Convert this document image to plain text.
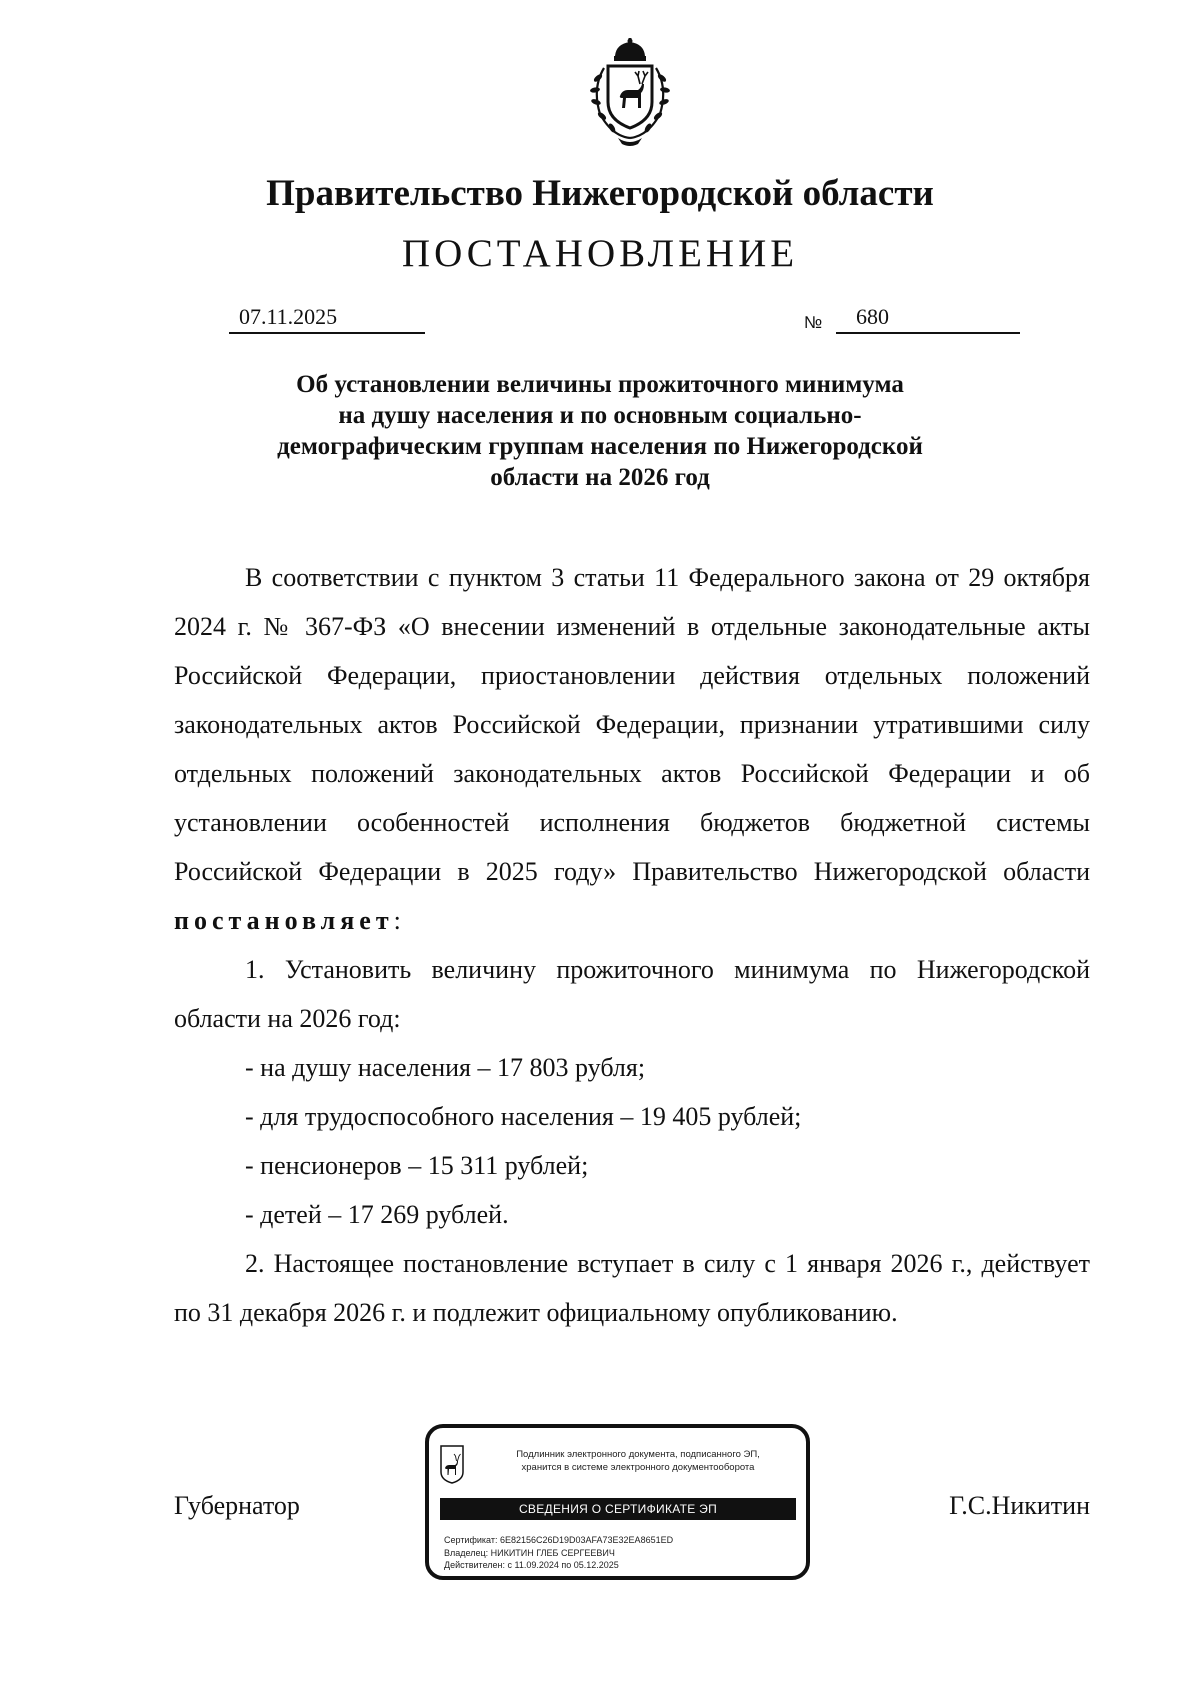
Правительство Нижегородской области
ПОСТАНОВЛЕНИЕ
07.11.2025	№	680
Об установлении величины прожиточного минимума
на душу населения и по основным социально-
демографическим группам населения по Нижегородской
области на 2026 год

В соответствии с пунктом 3 статьи 11 Федерального закона от 29 октября 2024 г. № 367-ФЗ «О внесении изменений в отдельные законодательные акты Российской Федерации, приостановлении действия отдельных положений законодательных актов Российской Федерации, признании утратившими силу отдельных положений законодательных актов Российской Федерации и об установлении особенностей исполнения бюджетов бюджетной системы Российской Федерации в 2025 году» Правительство Нижегородской области постановляет:

1. Установить величину прожиточного минимума по Нижегородской области на 2026 год:

- на душу населения – 17 803 рубля;

- для трудоспособного населения – 19 405 рублей;

- пенсионеров – 15 311 рублей;

- детей – 17 269 рублей.

2. Настоящее постановление вступает в силу с 1 января 2026 г., действует по 31 декабря 2026 г. и подлежит официальному опубликованию.

Губернатор	Г.С.Никитин
Подлинник электронного документа, подписанного ЭП,
хранится в системе электронного документооборота
СВЕДЕНИЯ О СЕРТИФИКАТЕ ЭП
Сертификат: 6E82156C26D19D03AFA73E32EA8651ED
Владелец: НИКИТИН ГЛЕБ СЕРГЕЕВИЧ
Действителен: с 11.09.2024 по 05.12.2025
